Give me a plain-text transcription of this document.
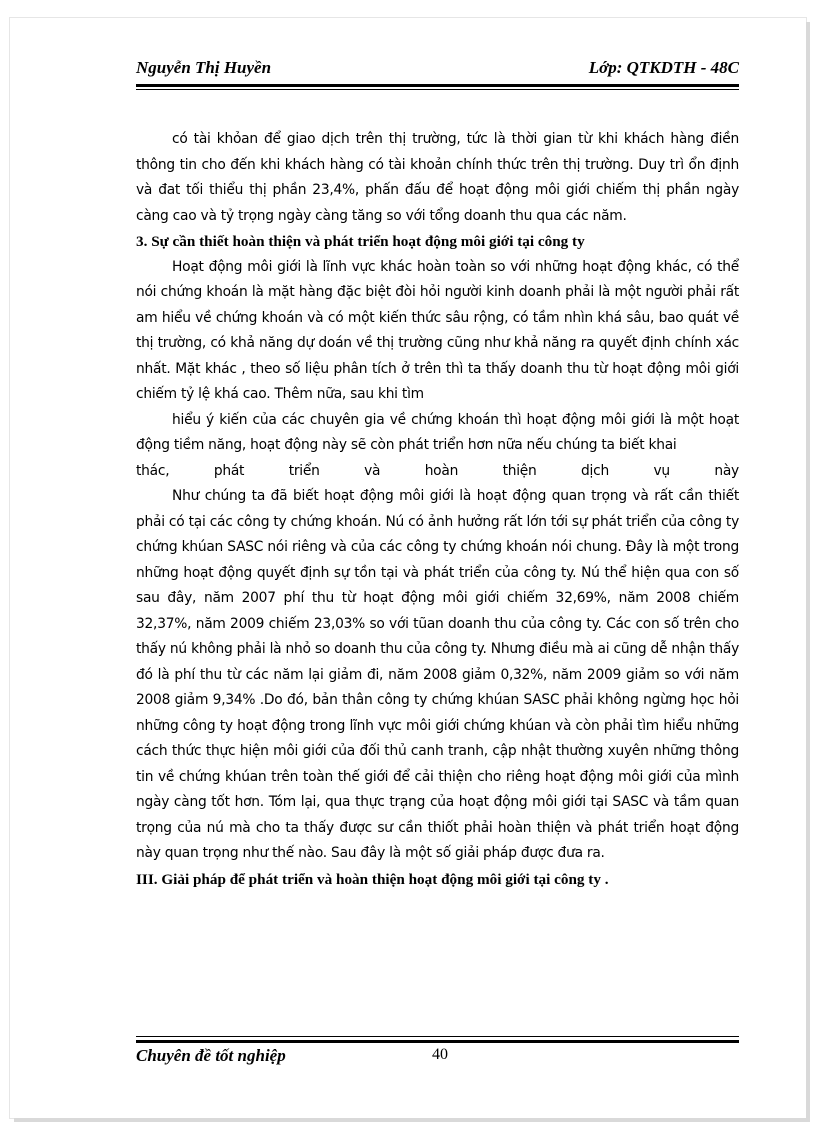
Nguyễn Thị Huyền	Lớp: QTKDTH - 48C

có tài khỏan để giao dịch trên thị trường, tức là thời gian từ khi khách hàng điền thông tin cho đến khi khách hàng có tài khoản chính thức trên thị trường. Duy trì ổn định và đat tối thiểu thị phần 23,4%, phấn đấu để hoạt động môi giới chiếm thị phần ngày càng cao và tỷ trọng ngày càng tăng so với tổng doanh thu qua các năm.

3. Sự cần thiết hoàn thiện và phát triển hoạt động môi giới tại công ty

Hoạt động môi giới là lĩnh vực khác hoàn toàn so với những hoạt động khác, có thể nói chứng khoán là mặt hàng đặc biệt đòi hỏi người kinh doanh phải là một người phải rất am hiểu về chứng khoán và có một kiến thức sâu rộng, có tầm nhìn khá sâu, bao quát về thị trường, có khả năng dự doán về thị trường cũng như khả năng ra quyết định chính xác nhất. Mặt khác , theo số liệu phân tích ở trên thì ta thấy doanh thu từ hoạt động môi giới chiếm tỷ lệ khá cao. Thêm nữa, sau khi tìm

hiểu ý kiến của các chuyên gia về chứng khoán thì hoạt động môi giới là một hoạt động tiềm năng, hoạt động này sẽ còn phát triển hơn nữa nếu chúng ta biết khai

thác,	phát	triển	và	hoàn	thiện	dịch	vụ	này

Như chúng ta đã biết hoạt động môi giới là hoạt động quan trọng và rất cần thiết phải có tại các công ty chứng khoán. Nú có ảnh hưởng rất lớn tới sự phát triển của công ty chứng khúan SASC nói riêng và của các công ty chứng khoán nói chung. Đây là một trong những hoạt động quyết định sự tồn tại và phát triển của công ty. Nú thể hiện qua con số sau đây, năm 2007 phí thu từ hoạt động môi giới chiếm 32,69%, năm 2008 chiếm 32,37%, năm 2009 chiếm 23,03% so với tũan doanh thu của công ty. Các con số trên cho thấy nú không phải là nhỏ so doanh thu của công ty. Nhưng điều mà ai cũng dễ nhận thấy đó là phí thu từ các năm lại giảm đi, năm 2008 giảm 0,32%, năm 2009 giảm so với năm 2008 giảm 9,34% .Do đó, bản thân công ty chứng khúan SASC phải không ngừng học hỏi những công ty hoạt động trong lĩnh vực môi giới chứng khúan và còn phải tìm hiểu những cách thức thực hiện môi giới của đối thủ canh tranh, cập nhật thường xuyên những thông tin về chứng khúan trên toàn thế giới để cải thiện cho riêng hoạt động môi giới của mình ngày càng tốt hơn. Tóm lại, qua thực trạng của hoạt động môi giới tại SASC và tầm quan trọng của nú mà cho ta thấy được sư cần thiốt phải hoàn thiện và phát triển hoạt động này quan trọng như thế nào. Sau đây là một số giải pháp được đưa ra.

III. Giải pháp để phát triển và hoàn thiện hoạt động môi giới tại công ty .
Chuyên đề tốt nghiệp	40
